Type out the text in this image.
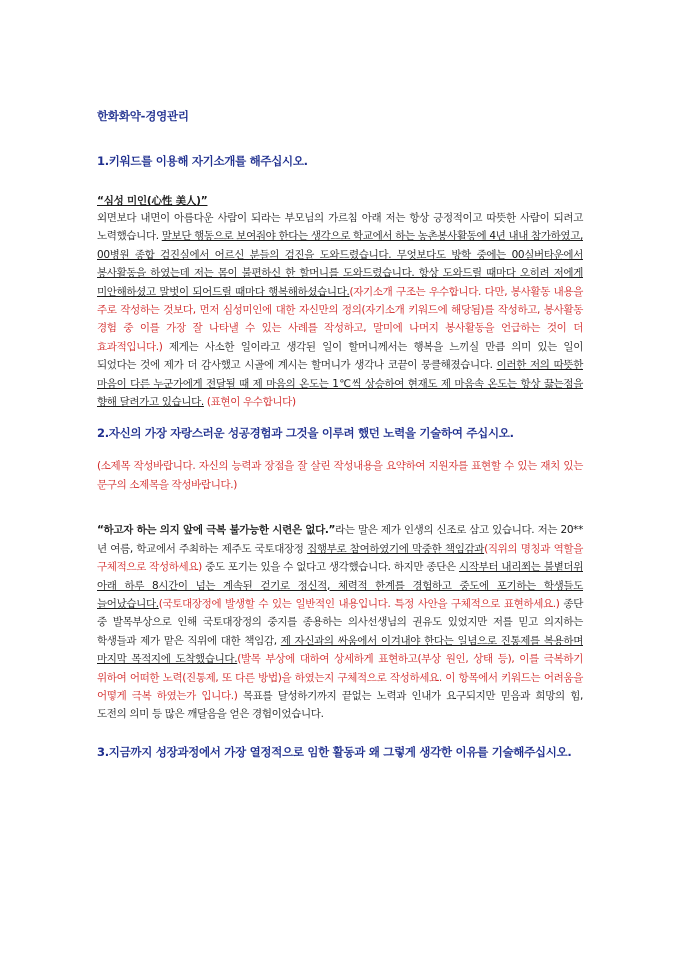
한화화약-경영관리

1.키워드를 이용해 자기소개를 해주십시오.

“심성 미인(心性 美人)”

외면보다 내면이 아름다운 사람이 되라는 부모님의 가르침 아래 저는 항상 긍정적이고 따뜻한 사람이 되려고 노력했습니다. 말보단 행동으로 보여줘야 한다는 생각으로 학교에서 하는 농촌봉사활동에 4년 내내 참가하였고, 00병원 종합 검진실에서 어르신 분들의 검진을 도와드렸습니다. 무엇보다도 방학 중에는 00실버타운에서 봉사활동을 하였는데 저는 몸이 불편하신 한 할머니를 도와드렸습니다. 항상 도와드릴 때마다 오히려 저에게 미안해하셨고 말벗이 되어드릴 때마다 행복해하셨습니다.(자기소개 구조는 우수합니다. 다만, 봉사활동 내용을 주로 작성하는 것보다, 먼저 심성미인에 대한 자신만의 정의(자기소개 키워드에 해당됨)를 작성하고, 봉사활동 경험 중 이를 가장 잘 나타낼 수 있는 사례를 작성하고, 말미에 나머지 봉사활동을 언급하는 것이 더 효과적입니다.) 제게는 사소한 일이라고 생각된 일이 할머니께서는 행복을 느끼실 만큼 의미 있는 일이 되었다는 것에 제가 더 감사했고 시골에 계시는 할머니가 생각나 코끝이 뭉클해졌습니다. 이러한 저의 따뜻한 마음이 다른 누군가에게 전달될 때 제 마음의 온도는 1℃씩 상승하여 현재도 제 마음속 온도는 항상 끓는점을 향해 달려가고 있습니다. (표현이 우수합니다)

2.자신의 가장 자랑스러운 성공경험과 그것을 이루려 했던 노력을 기술하여 주십시오.

(소제목 작성바랍니다. 자신의 능력과 장점을 잘 살린 작성내용을 요약하여 지원자를 표현할 수 있는 재치 있는 문구의 소제목을 작성바랍니다.)

“하고자 하는 의지 앞에 극복 불가능한 시련은 없다.”라는 말은 제가 인생의 신조로 삼고 있습니다. 저는 20**년 여름, 학교에서 주최하는 제주도 국토대장정 집행부로 참여하였기에 막중한 책임감과(직위의 명칭과 역할을 구체적으로 작성하세요) 중도 포기는 있을 수 없다고 생각했습니다. 하지만 종단은 시작부터 내리쬐는 불볕더위 아래 하루 8시간이 넘는 계속된 걷기로 정신적, 체력적 한계를 경험하고 중도에 포기하는 학생들도 늘어났습니다.(국토대장정에 발생할 수 있는 일반적인 내용입니다. 특정 사안을 구체적으로 표현하세요.) 종단 중 발목부상으로 인해 국토대장정의 중지를 종용하는 의사선생님의 권유도 있었지만 저를 믿고 의지하는 학생들과 제가 맡은 직위에 대한 책임감, 제 자신과의 싸움에서 이겨내야 한다는 일념으로 진통제를 복용하며 마지막 목적지에 도착했습니다.(발목 부상에 대하여 상세하게 표현하고(부상 원인, 상태 등), 이를 극복하기 위하여 어떠한 노력(진통제, 또 다른 방법)을 하였는지 구체적으로 작성하세요. 이 항목에서 키워드는 어려움을 어떻게 극복 하였는가 입니다.) 목표를 달성하기까지 끝없는 노력과 인내가 요구되지만 믿음과 희망의 힘, 도전의 의미 등 많은 깨달음을 얻은 경험이었습니다.

3.지금까지 성장과정에서 가장 열정적으로 임한 활동과 왜 그렇게 생각한 이유를 기술해주십시오.
